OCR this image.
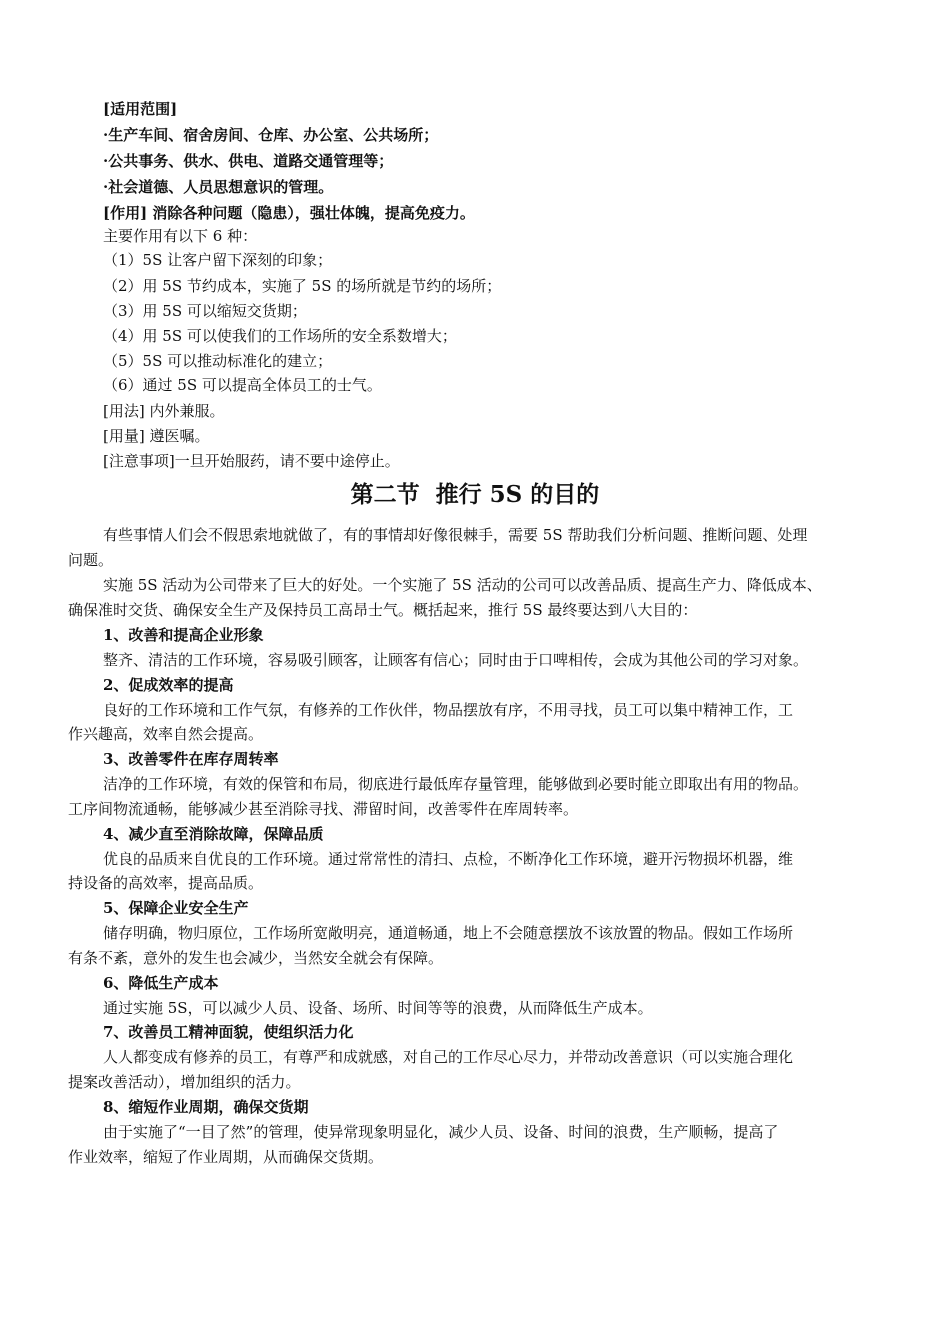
[适用范围]
·生产车间、宿舍房间、仓库、办公室、公共场所；
·公共事务、供水、供电、道路交通管理等；
·社会道德、人员思想意识的管理。
[作用] 消除各种问题（隐患），强壮体魄，提高免疫力。
主要作用有以下 6 种：
（1）5S 让客户留下深刻的印象；
（2）用 5S 节约成本，实施了 5S 的场所就是节约的场所；
（3）用 5S 可以缩短交货期；
（4）用 5S 可以使我们的工作场所的安全系数增大；
（5）5S 可以推动标准化的建立；
（6）通过 5S 可以提高全体员工的士气。
[用法] 内外兼服。
[用量] 遵医嘱。
[注意事项]一旦开始服药，请不要中途停止。
第二节 推行 5S 的目的
有些事情人们会不假思索地就做了，有的事情却好像很棘手，需要 5S 帮助我们分析问题、推断问题、处理
问题。
实施 5S 活动为公司带来了巨大的好处。一个实施了 5S 活动的公司可以改善品质、提高生产力、降低成本、
确保准时交货、确保安全生产及保持员工高昂士气。概括起来，推行 5S 最终要达到八大目的：
1、改善和提高企业形象
整齐、清洁的工作环境，容易吸引顾客，让顾客有信心；同时由于口啤相传，会成为其他公司的学习对象。
2、促成效率的提高
良好的工作环境和工作气氛，有修养的工作伙伴，物品摆放有序，不用寻找，员工可以集中精神工作，工
作兴趣高，效率自然会提高。
3、改善零件在库存周转率
洁净的工作环境，有效的保管和布局，彻底进行最低库存量管理，能够做到必要时能立即取出有用的物品。
工序间物流通畅，能够减少甚至消除寻找、滞留时间，改善零件在库周转率。
4、减少直至消除故障，保障品质
优良的品质来自优良的工作环境。通过常常性的清扫、点检，不断净化工作环境，避开污物损坏机器，维
持设备的高效率，提高品质。
5、保障企业安全生产
储存明确，物归原位，工作场所宽敞明亮，通道畅通，地上不会随意摆放不该放置的物品。假如工作场所
有条不紊，意外的发生也会减少，当然安全就会有保障。
6、降低生产成本
通过实施 5S，可以减少人员、设备、场所、时间等等的浪费，从而降低生产成本。
7、改善员工精神面貌，使组织活力化
人人都变成有修养的员工，有尊严和成就感，对自己的工作尽心尽力，并带动改善意识（可以实施合理化
提案改善活动），增加组织的活力。
8、缩短作业周期，确保交货期
由于实施了“一目了然”的管理，使异常现象明显化，减少人员、设备、时间的浪费，生产顺畅，提高了
作业效率，缩短了作业周期，从而确保交货期。
